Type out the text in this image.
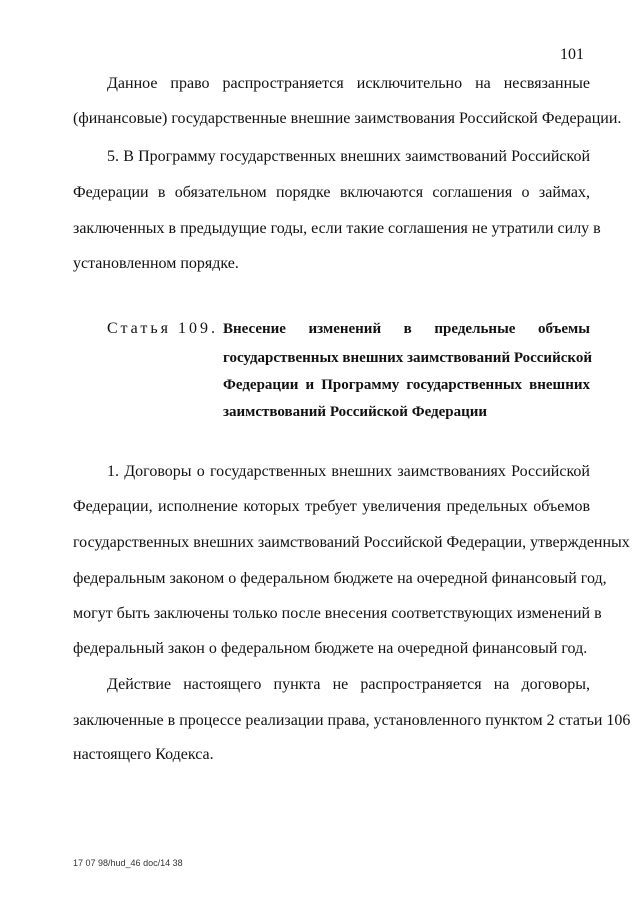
101
Данное право распространяется исключительно на несвязанные
(финансовые) государственные внешние заимствования Российской Федерации.
5. В Программу государственных внешних заимствований Российской
Федерации в обязательном порядке включаются соглашения о займах,
заключенных в предыдущие годы, если такие соглашения не утратили силу в
установленном порядке.
Статья 109. Внесение изменений в предельные объемы
государственных внешних заимствований Российской
Федерации и Программу государственных внешних
заимствований Российской Федерации
1. Договоры о государственных внешних заимствованиях Российской
Федерации, исполнение которых требует увеличения предельных объемов
государственных внешних заимствований Российской Федерации, утвержденных
федеральным законом о федеральном бюджете на очередной финансовый год,
могут быть заключены только после внесения соответствующих изменений в
федеральный закон о федеральном бюджете на очередной финансовый год.
Действие настоящего пункта не распространяется на договоры,
заключенные в процессе реализации права, установленного пунктом 2 статьи 106
настоящего Кодекса.
17 07 98/hud_46 doc/14 38
